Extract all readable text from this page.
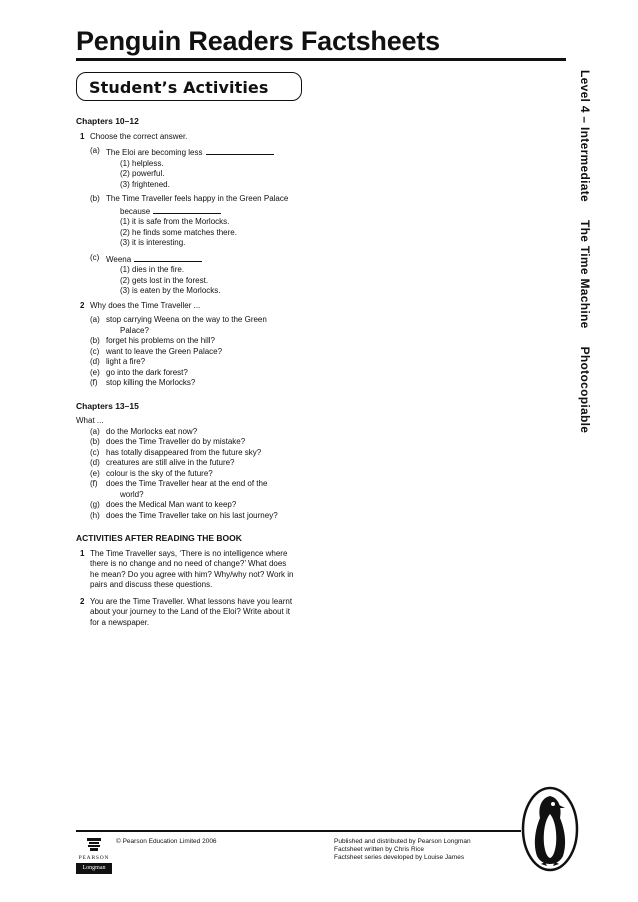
Penguin Readers Factsheets
Student’s Activities	Level 4 – IntermediateThe Time MachinePhotocopiable
Chapters 10–12
1 Choose the correct answer.
(a) The Eloi are becoming less
(1) helpless.
(2) powerful.
(3) frightened.
(b) The Time Traveller feels happy in the Green Palace
because
(1) it is safe from the Morlocks.
(2) he finds some matches there.
(3) it is interesting.
(c) Weena
(1) dies in the fire.
(2) gets lost in the forest.
(3) is eaten by the Morlocks.
2 Why does the Time Traveller ...
(a) stop carrying Weena on the way to the Green
Palace?
(b) forget his problems on the hill?
(c) want to leave the Green Palace?
(d) light a fire?
(e) go into the dark forest?
(f) stop killing the Morlocks?
Chapters 13–15
What ...
(a) do the Morlocks eat now?
(b) does the Time Traveller do by mistake?
(c) has totally disappeared from the future sky?
(d) creatures are still alive in the future?
(e) colour is the sky of the future?
(f) does the Time Traveller hear at the end of the
world?
(g) does the Medical Man want to keep?
(h) does the Time Traveller take on his last journey?
ACTIVITIES AFTER READING THE BOOK
1 The Time Traveller says, ‘There is no intelligence where
there is no change and no need of change?’ What does
he mean? Do you agree with him? Why/why not? Work in
pairs and discuss these questions.
2 You are the Time Traveller. What lessons have you learnt
about your journey to the Land of the Eloi? Write about it
for a newspaper.
PEARSON
Longman
© Pearson Education Limited 2006	Published and distributed by Pearson Longman
Factsheet written by Chris Rice
Factsheet series developed by Louise James
